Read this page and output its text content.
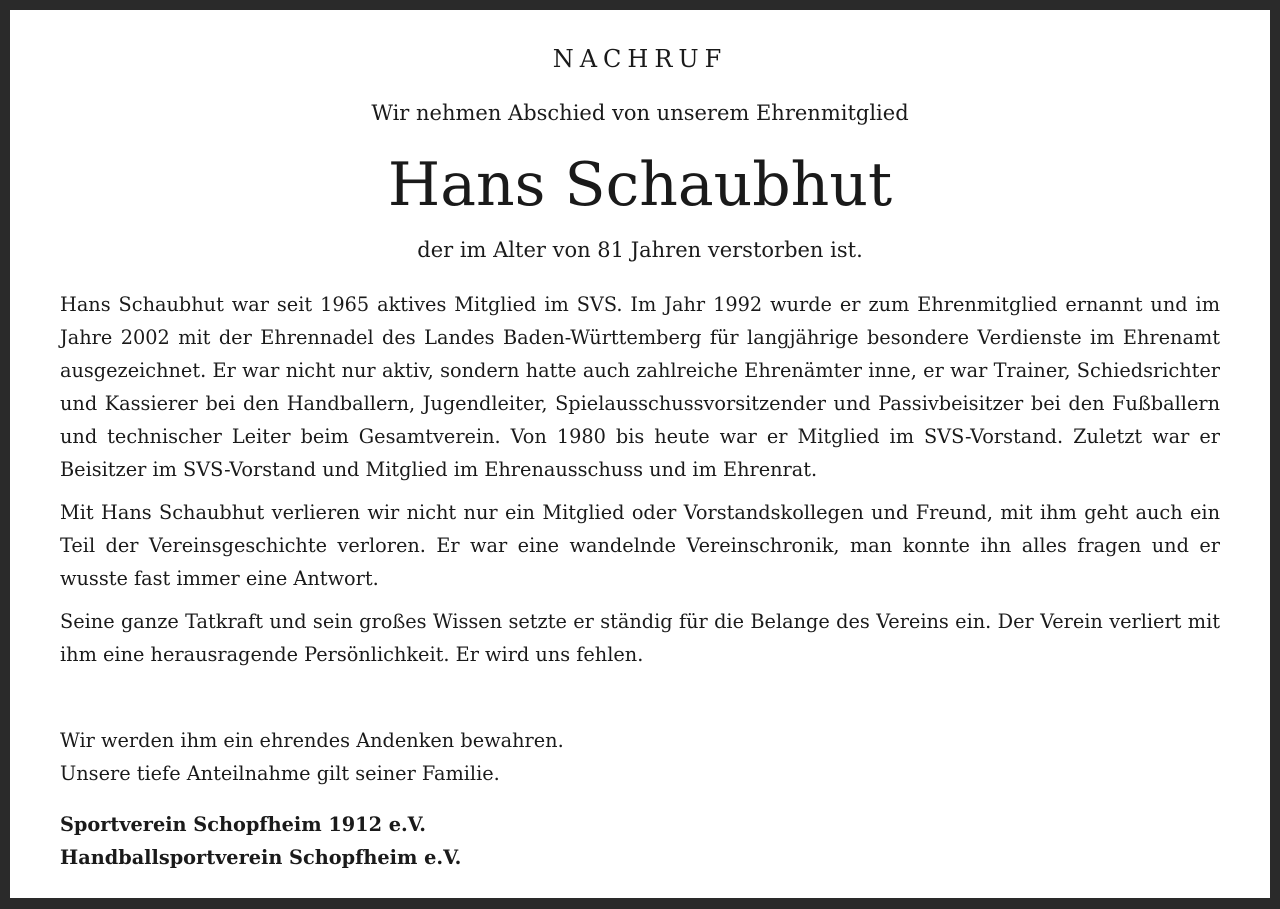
NACHRUF
Wir nehmen Abschied von unserem Ehrenmitglied
Hans Schaubhut
der im Alter von 81 Jahren verstorben ist.

Hans Schaubhut war seit 1965 aktives Mitglied im SVS. Im Jahr 1992 wurde er zum Ehrenmitglied ernannt und im Jahre 2002 mit der Ehrennadel des Landes Baden-Württemberg für langjährige besondere Verdienste im Ehrenamt ausgezeichnet. Er war nicht nur aktiv, sondern hatte auch zahlreiche Ehrenämter inne, er war Trainer, Schiedsrichter und Kassierer bei den Handballern, Jugendleiter, Spielausschussvorsitzender und Passivbeisitzer bei den Fußballern und technischer Leiter beim Gesamtverein. Von 1980 bis heute war er Mitglied im SVS-Vorstand. Zuletzt war er Beisitzer im SVS-Vorstand und Mitglied im Ehrenausschuss und im Ehrenrat.

Mit Hans Schaubhut verlieren wir nicht nur ein Mitglied oder Vorstandskollegen und Freund, mit ihm geht auch ein Teil der Vereinsgeschichte verloren. Er war eine wandelnde Vereinschronik, man konnte ihn alles fragen und er wusste fast immer eine Antwort.

Seine ganze Tatkraft und sein großes Wissen setzte er ständig für die Belange des Vereins ein. Der Verein verliert mit ihm eine herausragende Persönlichkeit. Er wird uns fehlen.

Wir werden ihm ein ehrendes Andenken bewahren.
Unsere tiefe Anteilnahme gilt seiner Familie.
Sportverein Schopfheim 1912 e.V.
Handballsportverein Schopfheim e.V.
